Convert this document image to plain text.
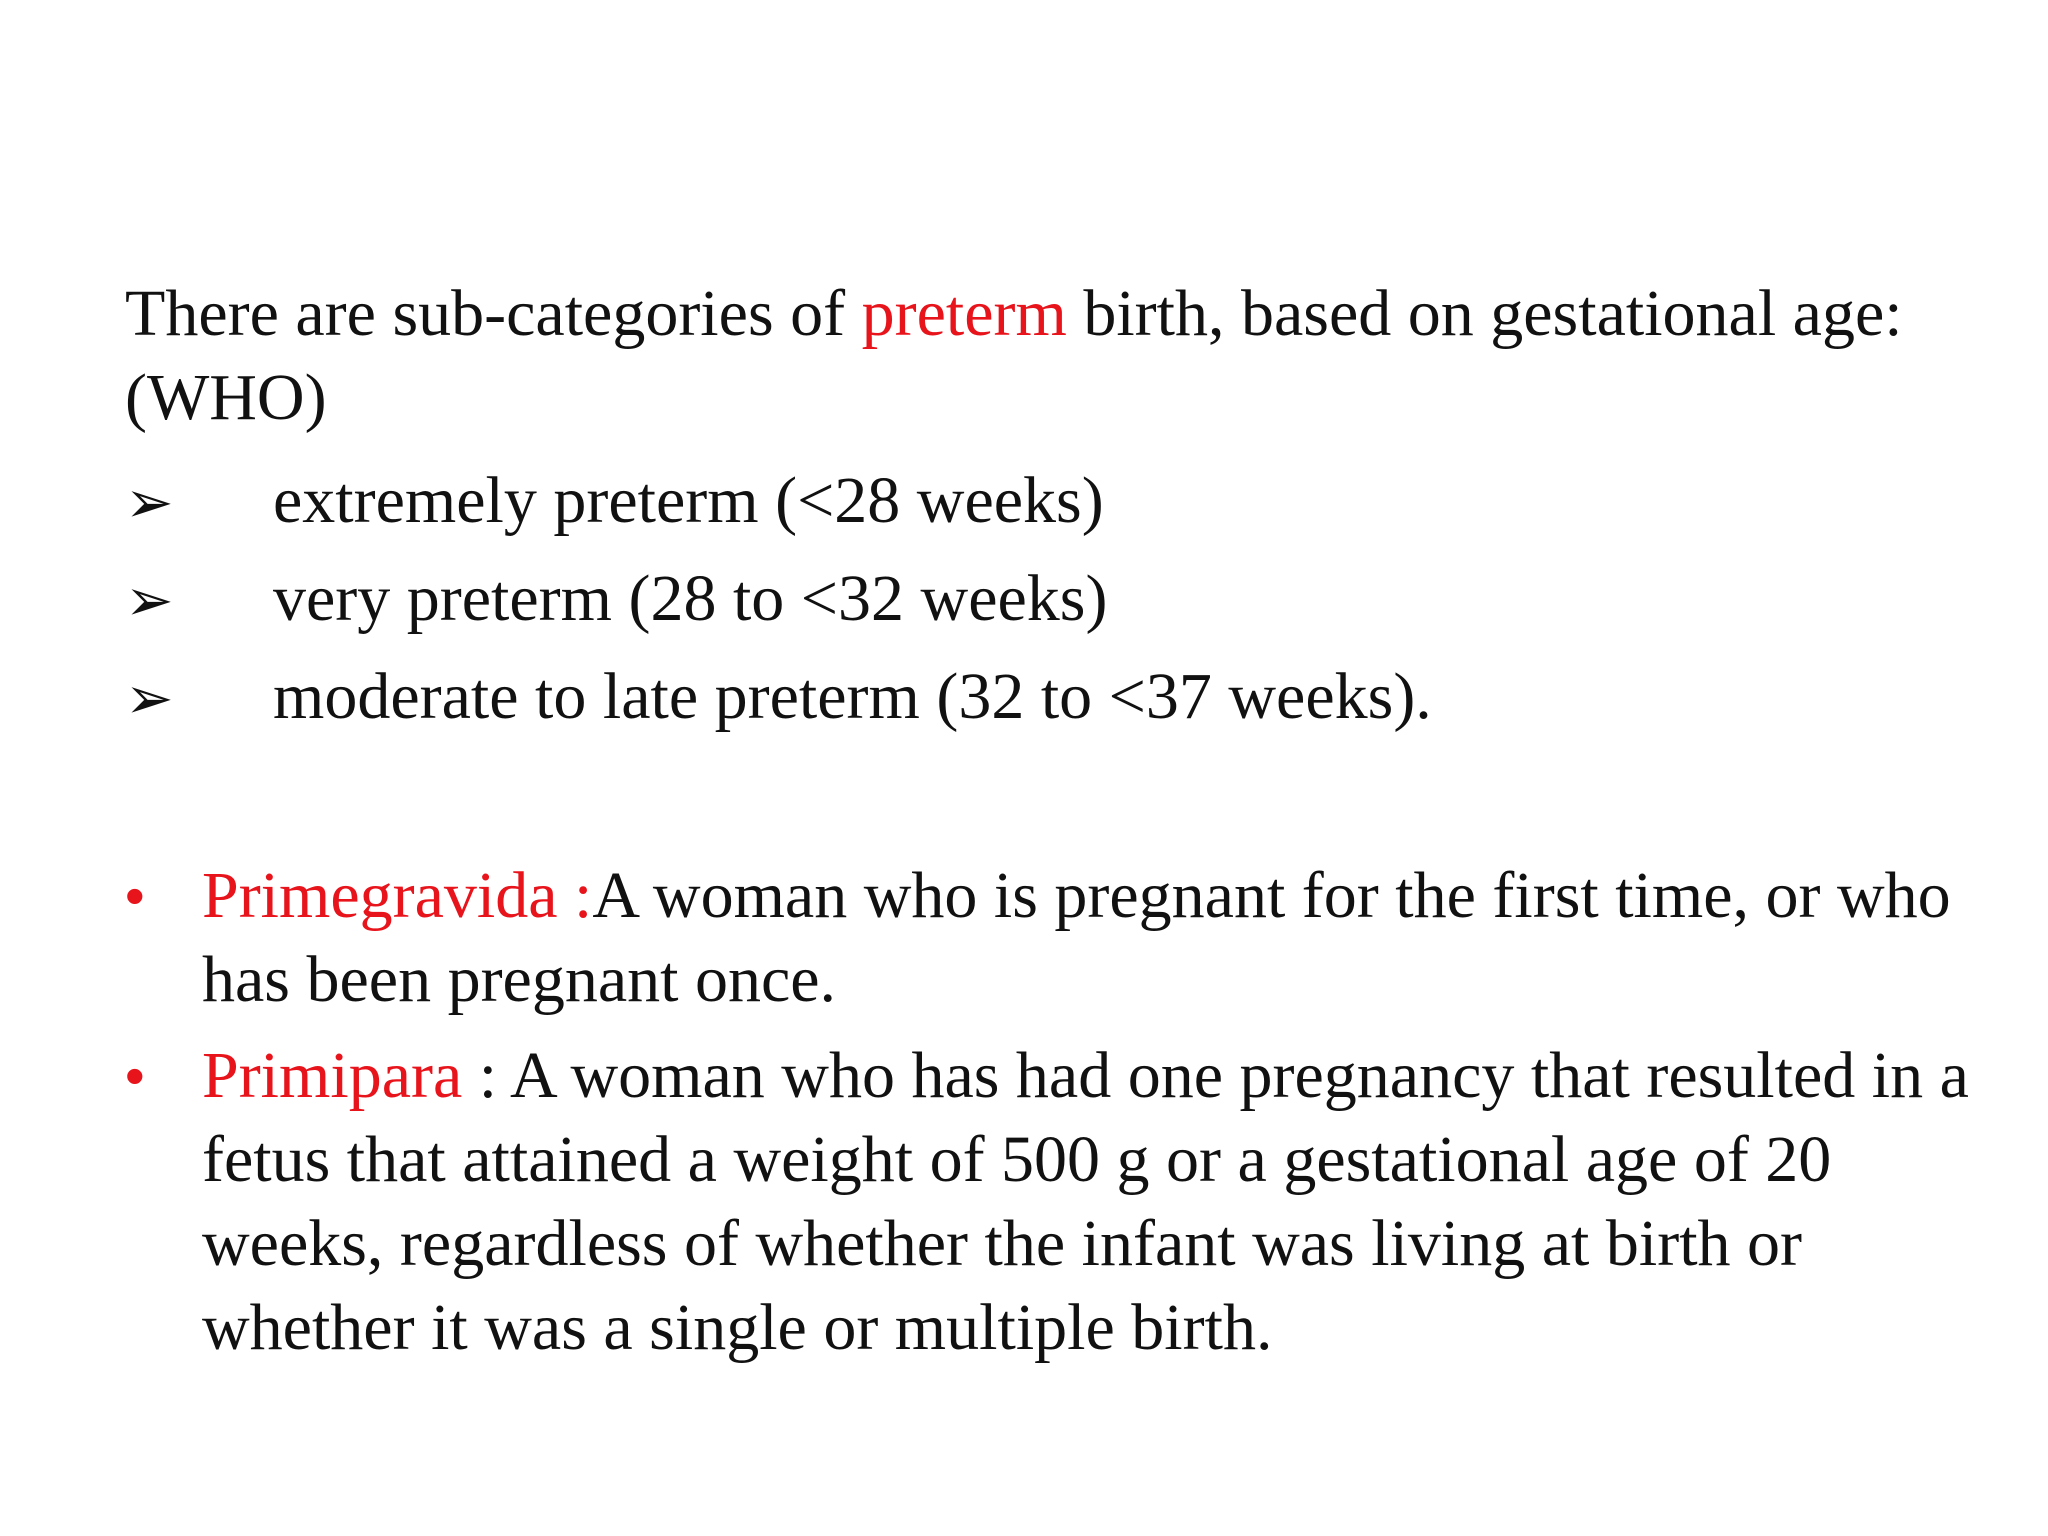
There are sub-categories of preterm birth, based on gestational age: (WHO)

➢ extremely preterm (<28 weeks)
➢ very preterm (28 to <32 weeks)
➢ moderate to late preterm (32 to <37 weeks).
• Primegravida :A woman who is pregnant for the first time, or who has been pregnant once.
• Primipara : A woman who has had one pregnancy that resulted in a fetus that attained a weight of 500 g or a gestational age of 20 weeks, regardless of whether the infant was living at birth or whether it was a single or multiple birth.
